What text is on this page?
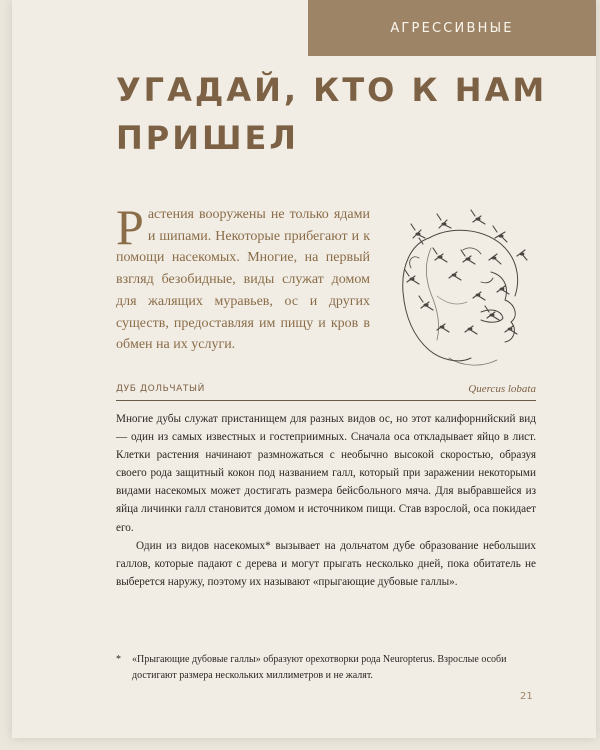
АГРЕССИВНЫЕ
УГАДАЙ, КТО К НАМ ПРИШЕЛ

Растения вооружены не только ядами и шипами. Некоторые прибегают и к помощи насекомых. Многие, на первый взгляд безобидные, виды служат домом для жалящих муравьев, ос и других существ, предоставляя им пищу и кров в обмен на их услуги.

ДУБ ДОЛЬЧАТЫЙ	Quercus lobata

Многие дубы служат пристанищем для разных видов ос, но этот калифорнийский вид — один из самых известных и гостеприимных. Сначала оса откладывает яйцо в лист. Клетки растения начинают размножаться с необычно высокой скоростью, образуя своего рода защитный кокон под названием галл, который при заражении некоторыми видами насекомых может достигать размера бейсбольного мяча. Для выбравшейся из яйца личинки галл становится домом и источником пищи. Став взрослой, оса покидает его.

Один из видов насекомых* вызывает на дольчатом дубе образование небольших галлов, которые падают с дерева и могут прыгать несколько дней, пока обитатель не выберется наружу, поэтому их называют «прыгающие дубовые галлы».

* «Прыгающие дубовые галлы» образуют орехотворки рода Neuropterus. Взрослые особи достигают размера нескольких миллиметров и не жалят.

21
